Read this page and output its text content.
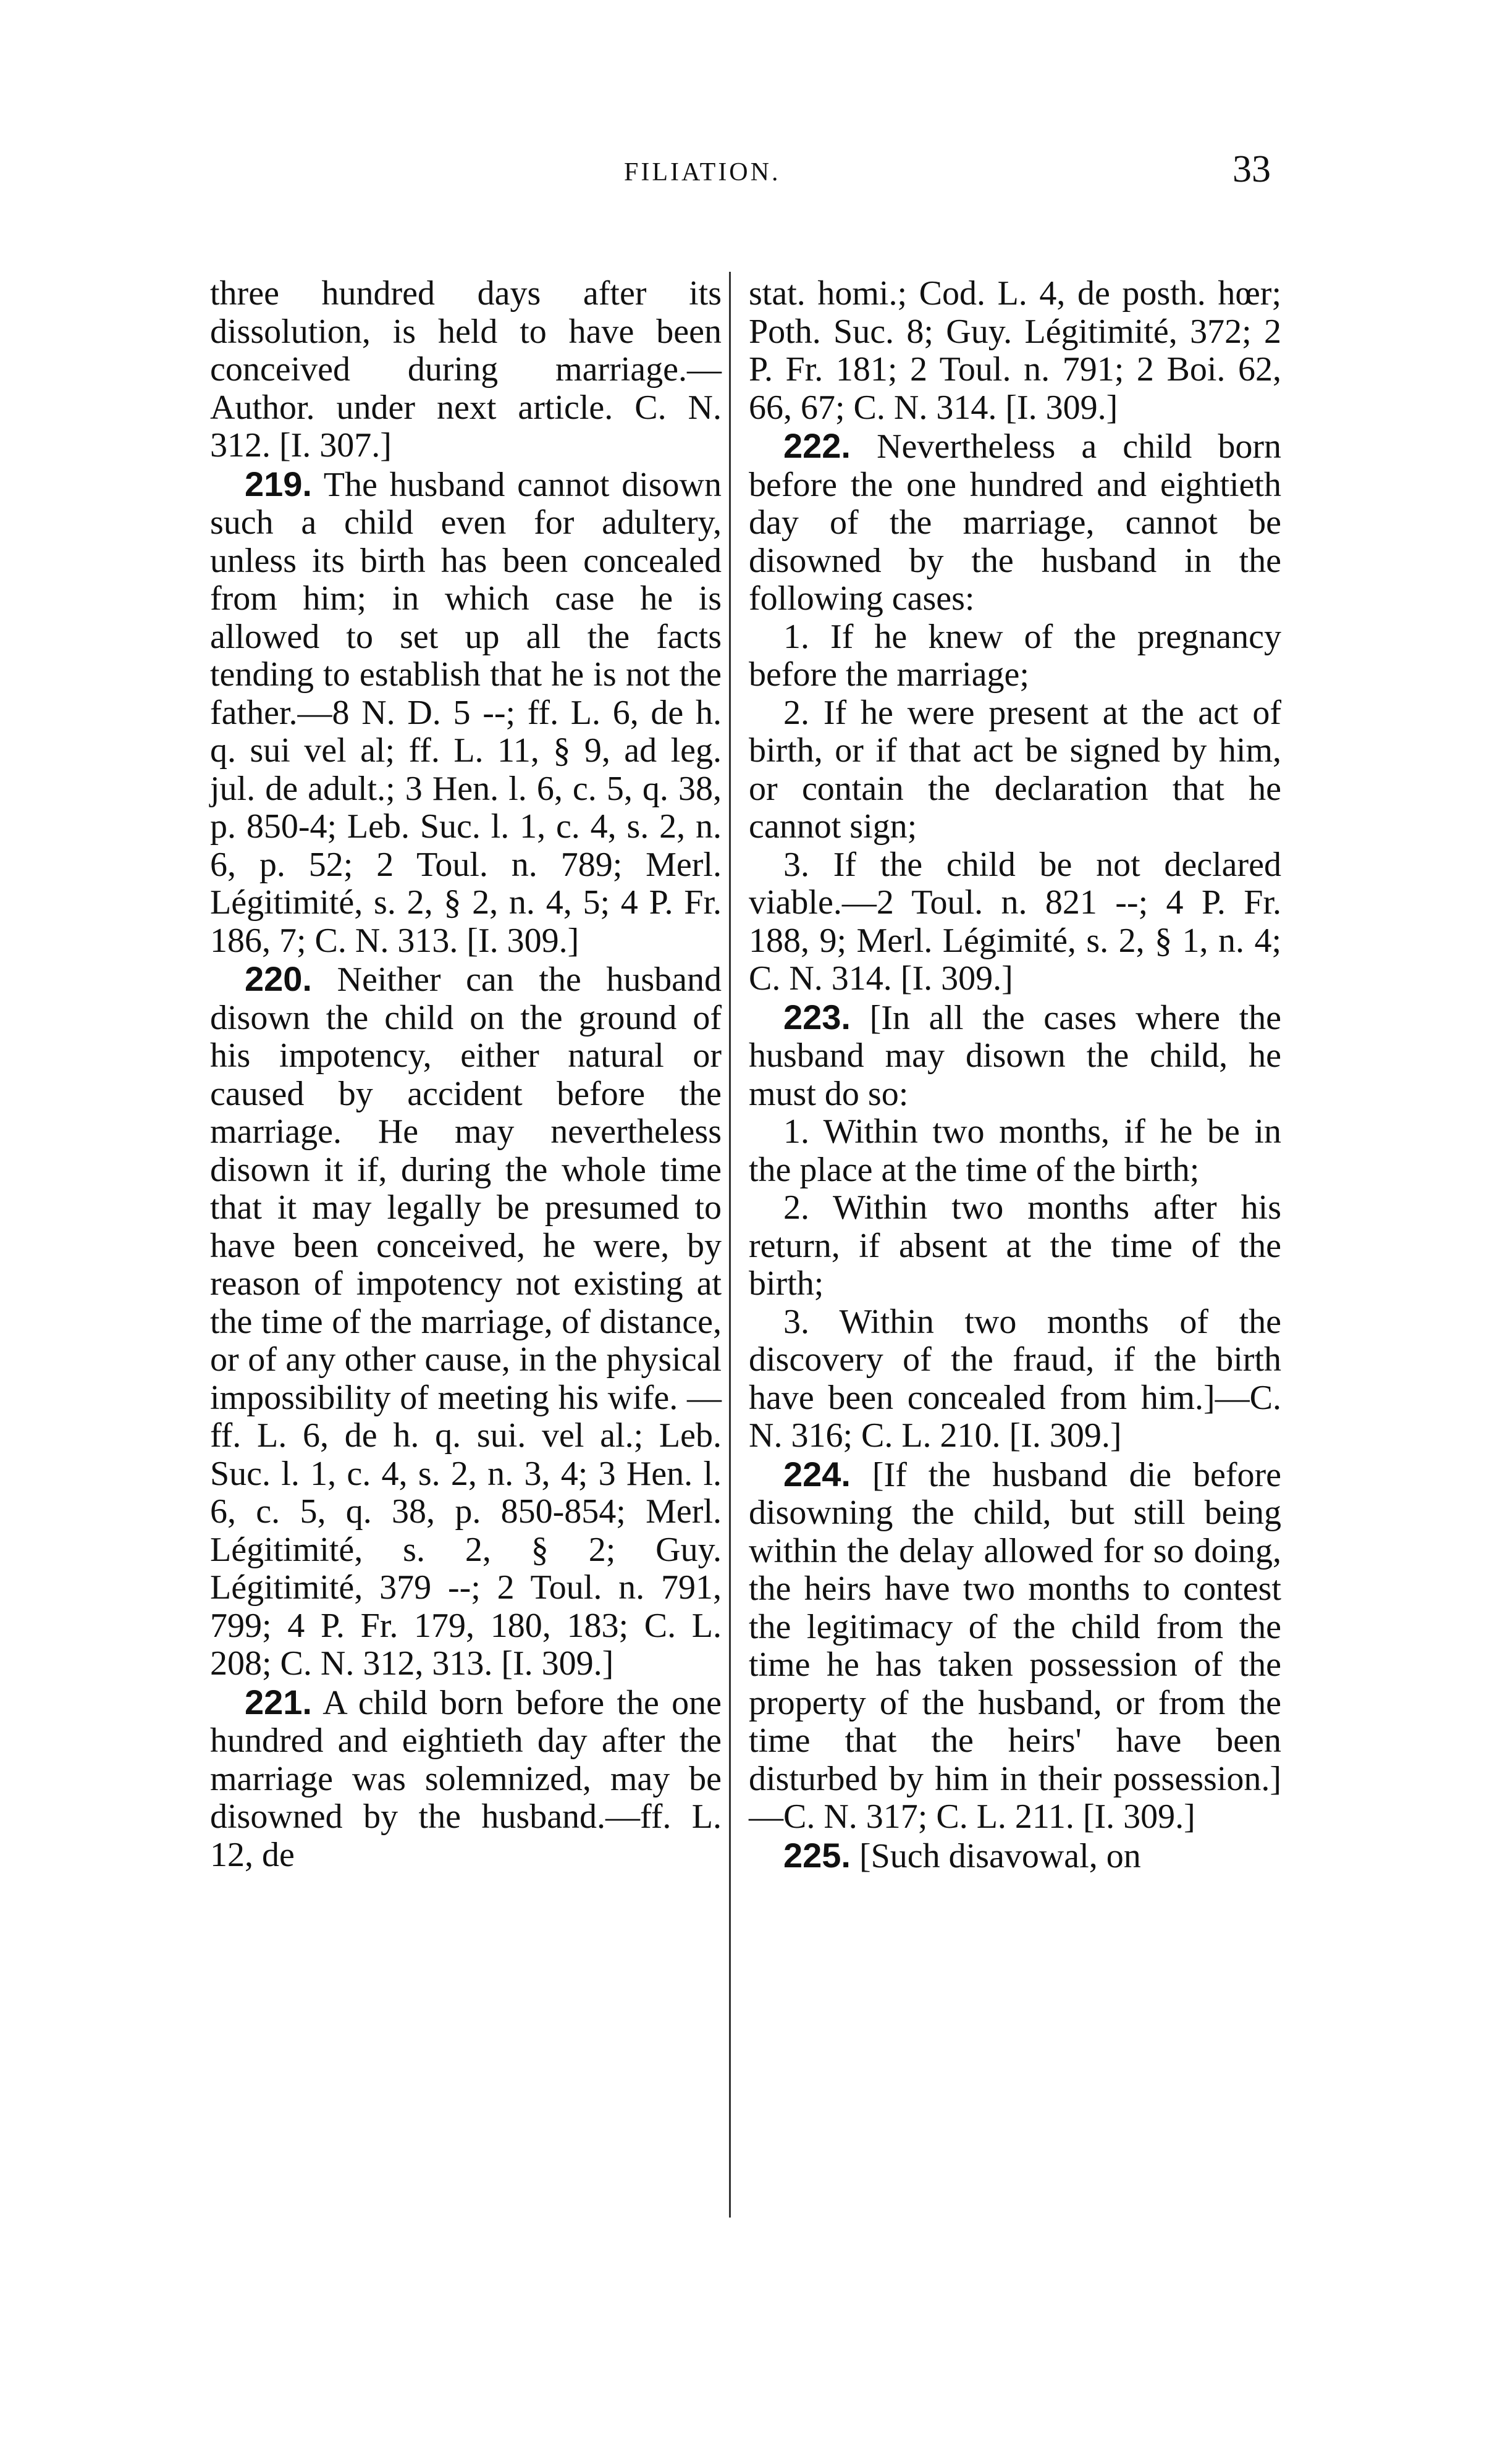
FILIATION.	33

three hundred days after its dissolution, is held to have been conceived during marriage.—Author. under next article. C. N. 312. [I. 307.]

219. The husband cannot disown such a child even for adultery, unless its birth has been concealed from him; in which case he is allowed to set up all the facts tending to establish that he is not the father.—8 N. D. 5 --; ff. L. 6, de h. q. sui vel al; ff. L. 11, § 9, ad leg. jul. de adult.; 3 Hen. l. 6, c. 5, q. 38, p. 850-4; Leb. Suc. l. 1, c. 4, s. 2, n. 6, p. 52; 2 Toul. n. 789; Merl. Légitimité, s. 2, § 2, n. 4, 5; 4 P. Fr. 186, 7; C. N. 313. [I. 309.]

220. Neither can the husband disown the child on the ground of his impotency, either natural or caused by accident before the marriage. He may nevertheless disown it if, during the whole time that it may legally be presumed to have been conceived, he were, by reason of impotency not existing at the time of the marriage, of distance, or of any other cause, in the physical impossibility of meeting his wife. —ff. L. 6, de h. q. sui. vel al.; Leb. Suc. l. 1, c. 4, s. 2, n. 3, 4; 3 Hen. l. 6, c. 5, q. 38, p. 850-854; Merl. Légitimité, s. 2, § 2; Guy. Légitimité, 379 --; 2 Toul. n. 791, 799; 4 P. Fr. 179, 180, 183; C. L. 208; C. N. 312, 313. [I. 309.]

221. A child born before the one hundred and eightieth day after the marriage was solemnized, may be disowned by the husband.—ff. L. 12, de

stat. homi.; Cod. L. 4, de posth. hœr; Poth. Suc. 8; Guy. Légitimité, 372; 2 P. Fr. 181; 2 Toul. n. 791; 2 Boi. 62, 66, 67; C. N. 314. [I. 309.]

222. Nevertheless a child born before the one hundred and eightieth day of the marriage, cannot be disowned by the husband in the following cases:

1. If he knew of the pregnancy before the marriage;

2. If he were present at the act of birth, or if that act be signed by him, or contain the declaration that he cannot sign;

3. If the child be not declared viable.—2 Toul. n. 821 --; 4 P. Fr. 188, 9; Merl. Légimité, s. 2, § 1, n. 4; C. N. 314. [I. 309.]

223. [In all the cases where the husband may disown the child, he must do so:

1. Within two months, if he be in the place at the time of the birth;

2. Within two months after his return, if absent at the time of the birth;

3. Within two months of the discovery of the fraud, if the birth have been concealed from him.]—C. N. 316; C. L. 210. [I. 309.]

224. [If the husband die before disowning the child, but still being within the delay allowed for so doing, the heirs have two months to contest the legitimacy of the child from the time he has taken possession of the property of the husband, or from the time that the heirs' have been disturbed by him in their possession.]—C. N. 317; C. L. 211. [I. 309.]

225. [Such disavowal, on
